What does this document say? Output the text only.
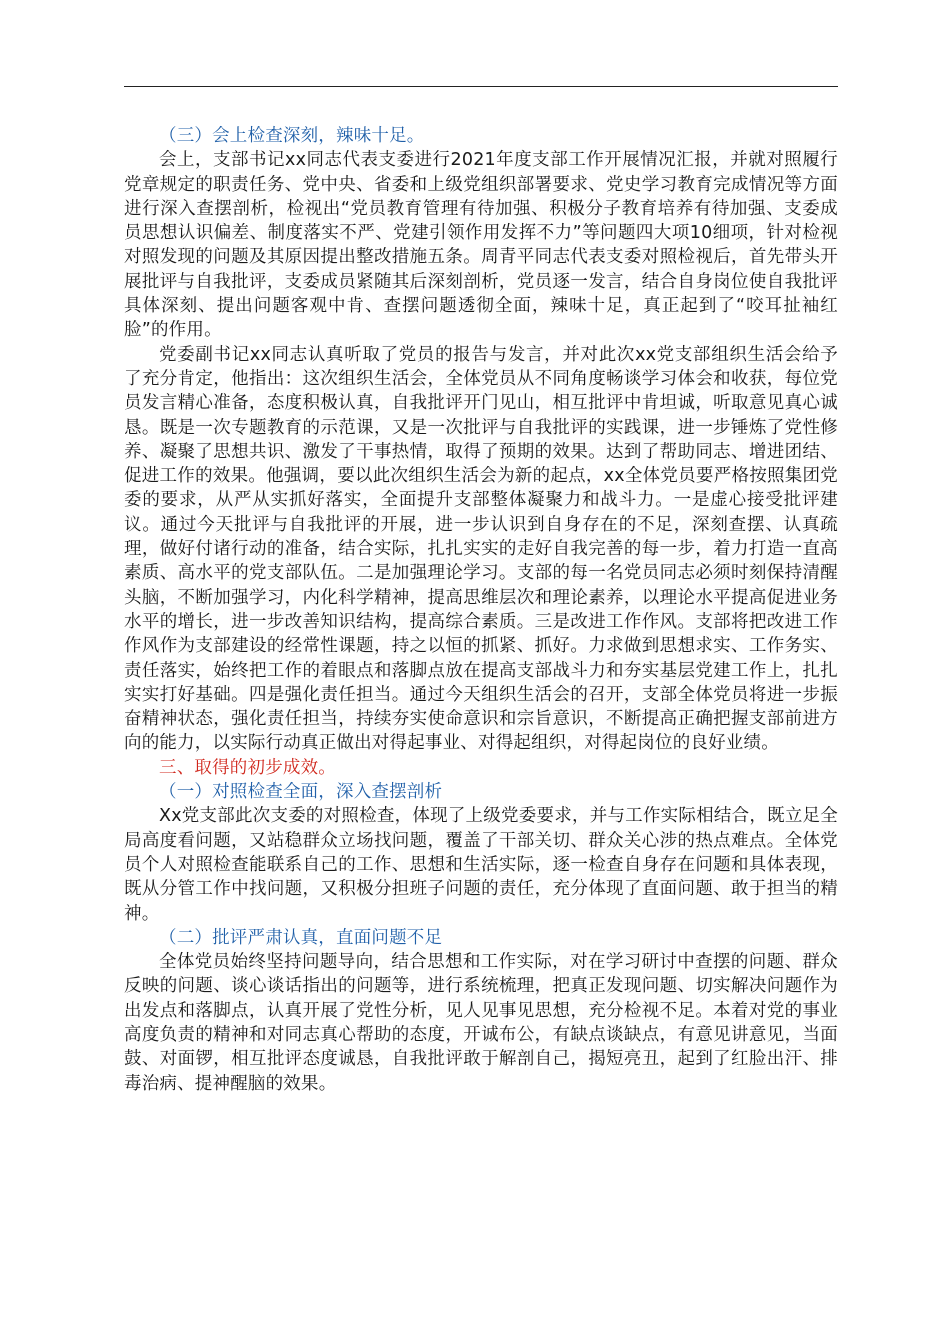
（三）会上检查深刻，辣味十足。

会上，支部书记xx同志代表支委进行2021年度支部工作开展情况汇报，并就对照履行党章规定的职责任务、党中央、省委和上级党组织部署要求、党史学习教育完成情况等方面进行深入查摆剖析，检视出“党员教育管理有待加强、积极分子教育培养有待加强、支委成员思想认识偏差、制度落实不严、党建引领作用发挥不力”等问题四大项10细项，针对检视对照发现的问题及其原因提出整改措施五条。周青平同志代表支委对照检视后，首先带头开展批评与自我批评，支委成员紧随其后深刻剖析，党员逐一发言，结合自身岗位使自我批评具体深刻、提出问题客观中肯、查摆问题透彻全面，辣味十足，真正起到了“咬耳扯袖红脸”的作用。

党委副书记xx同志认真听取了党员的报告与发言，并对此次xx党支部组织生活会给予了充分肯定，他指出：这次组织生活会，全体党员从不同角度畅谈学习体会和收获，每位党员发言精心准备，态度积极认真，自我批评开门见山，相互批评中肯坦诚，听取意见真心诚恳。既是一次专题教育的示范课，又是一次批评与自我批评的实践课，进一步锤炼了党性修养、凝聚了思想共识、激发了干事热情，取得了预期的效果。达到了帮助同志、增进团结、促进工作的效果。他强调，要以此次组织生活会为新的起点，xx全体党员要严格按照集团党委的要求，从严从实抓好落实，全面提升支部整体凝聚力和战斗力。一是虚心接受批评建议。通过今天批评与自我批评的开展，进一步认识到自身存在的不足，深刻查摆、认真疏理，做好付诸行动的准备，结合实际，扎扎实实的走好自我完善的每一步，着力打造一直高素质、高水平的党支部队伍。二是加强理论学习。支部的每一名党员同志必须时刻保持清醒头脑，不断加强学习，内化科学精神，提高思维层次和理论素养，以理论水平提高促进业务水平的增长，进一步改善知识结构，提高综合素质。三是改进工作作风。支部将把改进工作作风作为支部建设的经常性课题，持之以恒的抓紧、抓好。力求做到思想求实、工作务实、责任落实，始终把工作的着眼点和落脚点放在提高支部战斗力和夯实基层党建工作上，扎扎实实打好基础。四是强化责任担当。通过今天组织生活会的召开，支部全体党员将进一步振奋精神状态，强化责任担当，持续夯实使命意识和宗旨意识，不断提高正确把握支部前进方向的能力，以实际行动真正做出对得起事业、对得起组织，对得起岗位的良好业绩。

三、取得的初步成效。

（一）对照检查全面，深入查摆剖析

Xx党支部此次支委的对照检查，体现了上级党委要求，并与工作实际相结合，既立足全局高度看问题，又站稳群众立场找问题，覆盖了干部关切、群众关心涉的热点难点。全体党员个人对照检查能联系自己的工作、思想和生活实际，逐一检查自身存在问题和具体表现，既从分管工作中找问题，又积极分担班子问题的责任，充分体现了直面问题、敢于担当的精神。

（二）批评严肃认真，直面问题不足

全体党员始终坚持问题导向，结合思想和工作实际，对在学习研讨中查摆的问题、群众反映的问题、谈心谈话指出的问题等，进行系统梳理，把真正发现问题、切实解决问题作为出发点和落脚点，认真开展了党性分析，见人见事见思想，充分检视不足。本着对党的事业高度负责的精神和对同志真心帮助的态度，开诚布公，有缺点谈缺点，有意见讲意见，当面鼓、对面锣，相互批评态度诚恳，自我批评敢于解剖自己，揭短亮丑，起到了红脸出汗、排毒治病、提神醒脑的效果。
